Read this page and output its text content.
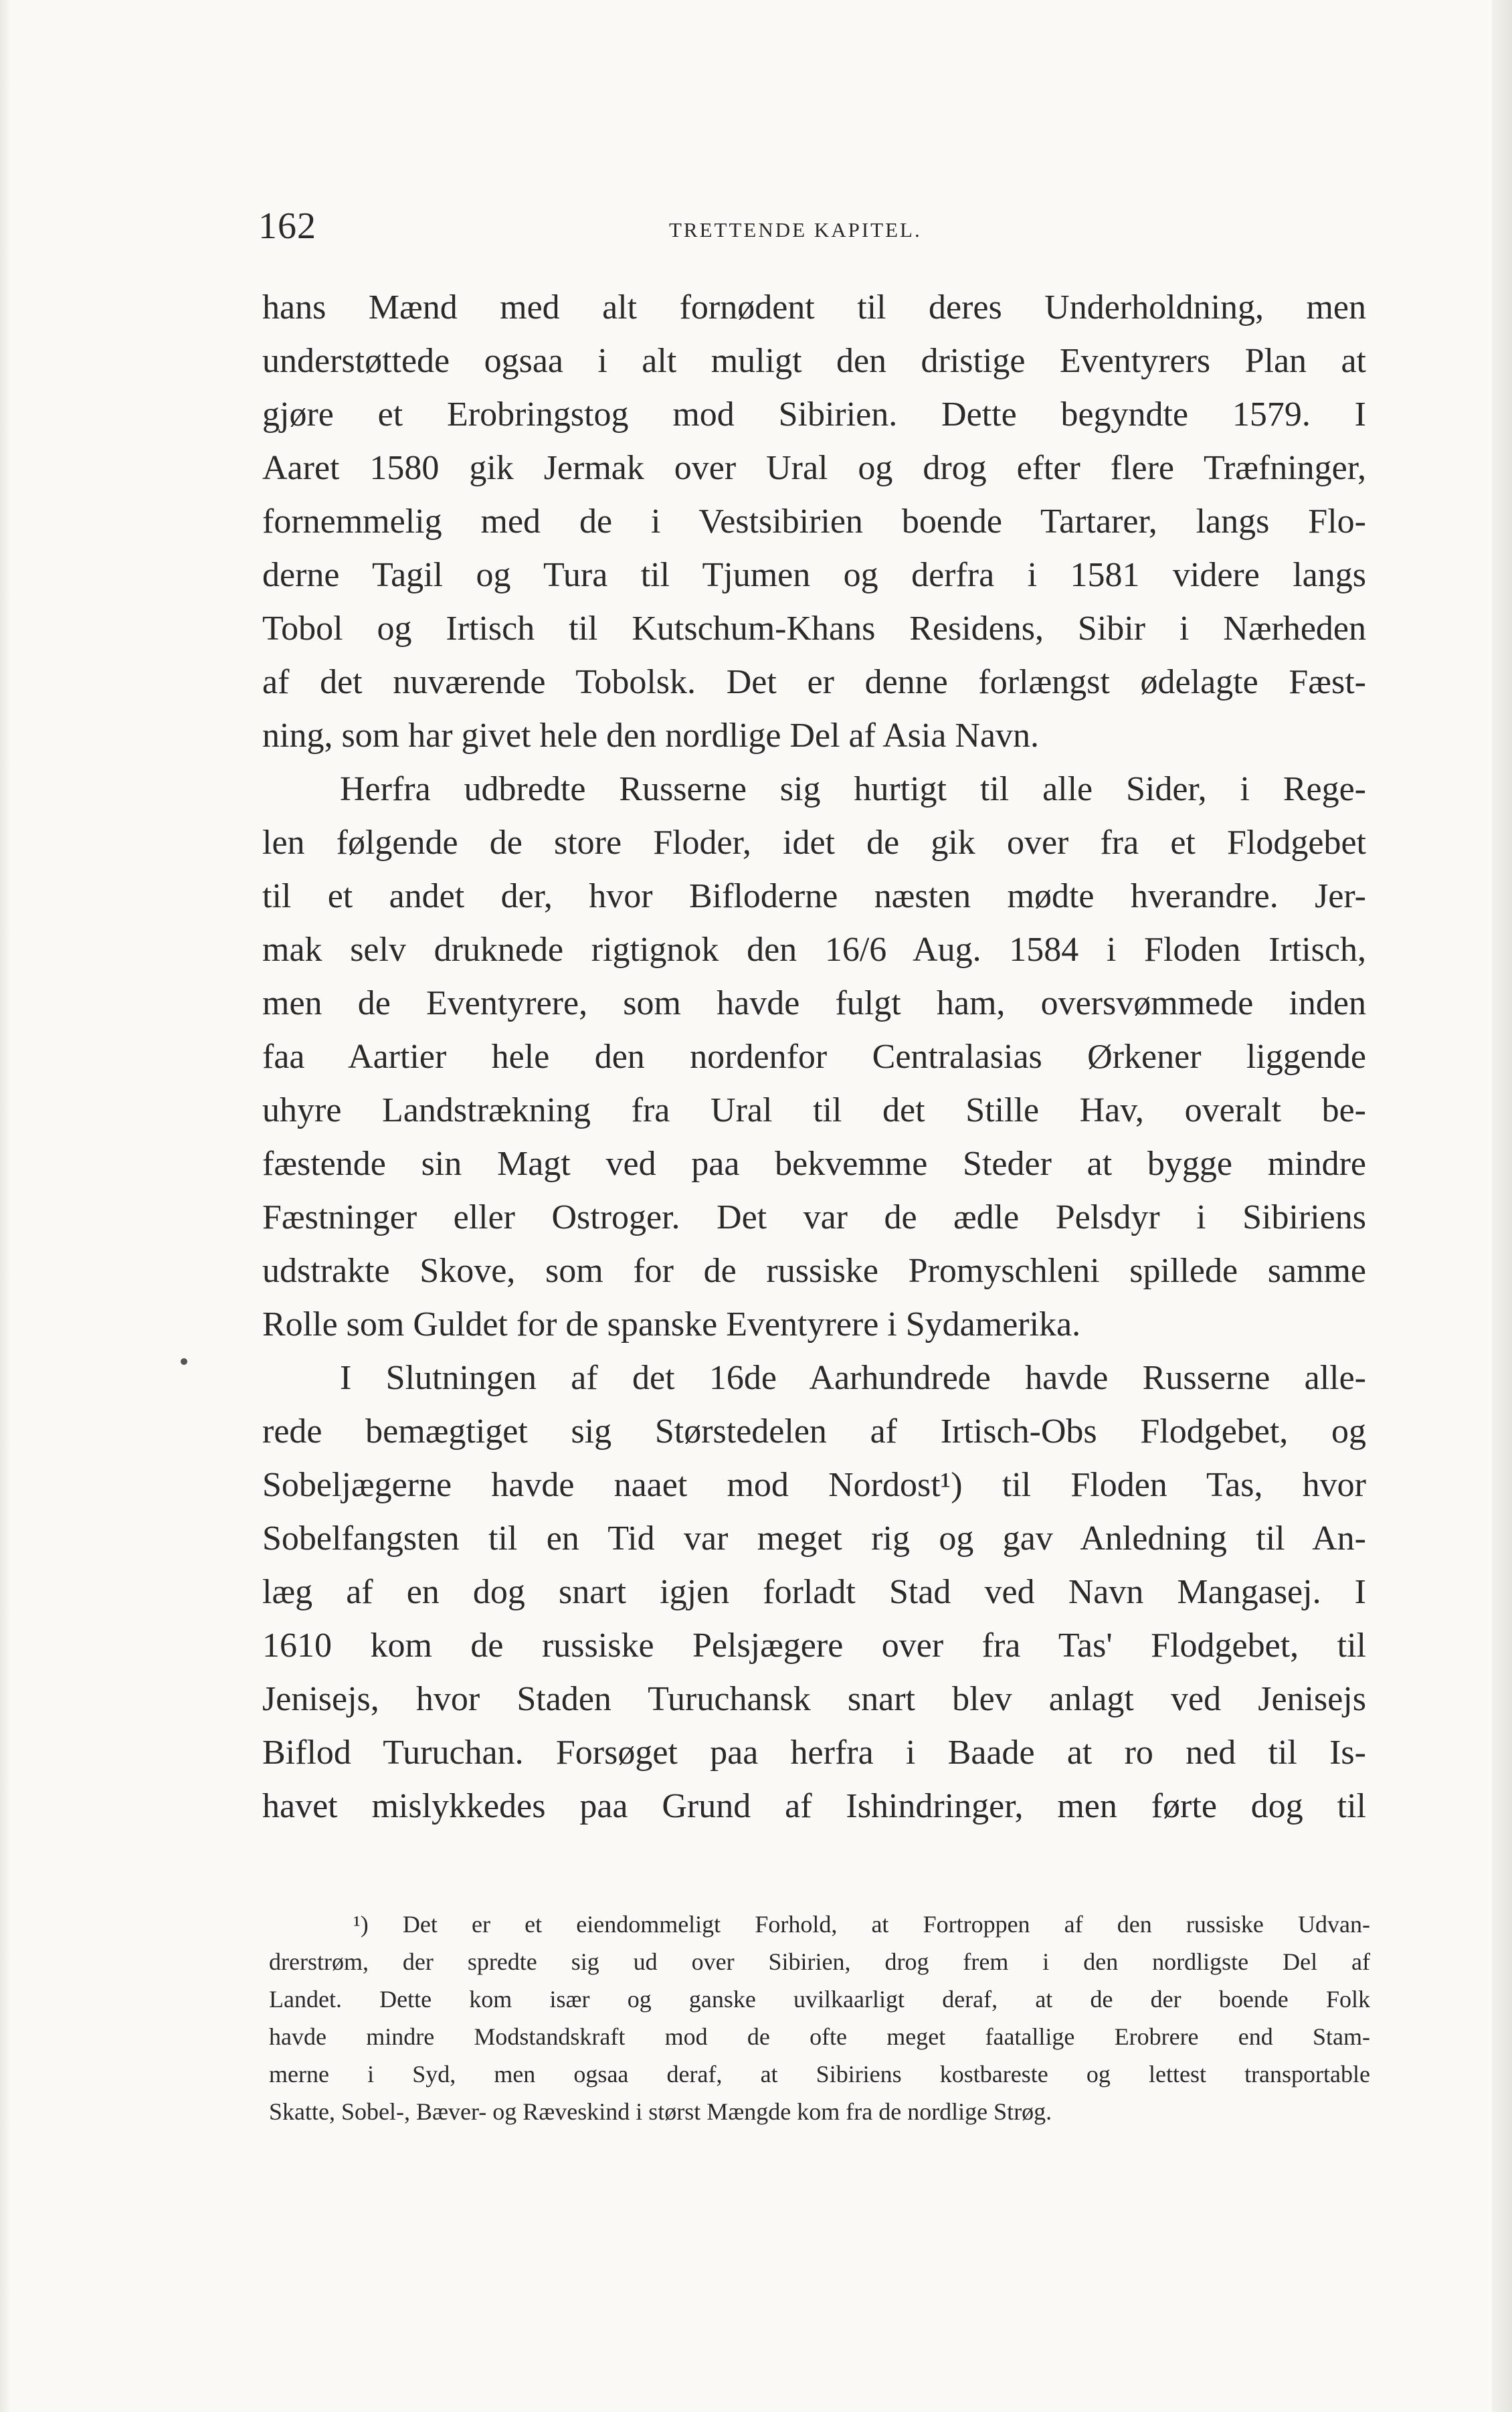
162	TRETTENDE KAPITEL.
hans Mænd med alt fornødent til deres Underholdning, men
understøttede ogsaa i alt muligt den dristige Eventyrers Plan at
gjøre et Erobringstog mod Sibirien. Dette begyndte 1579. I
Aaret 1580 gik Jermak over Ural og drog efter flere Træfninger,
fornemmelig med de i Vestsibirien boende Tartarer, langs Flo-
derne Tagil og Tura til Tjumen og derfra i 1581 videre langs
Tobol og Irtisch til Kutschum-Khans Residens, Sibir i Nærheden
af det nuværende Tobolsk. Det er denne forlængst ødelagte Fæst-
ning, som har givet hele den nordlige Del af Asia Navn.
Herfra udbredte Russerne sig hurtigt til alle Sider, i Rege-
len følgende de store Floder, idet de gik over fra et Flodgebet
til et andet der, hvor Bifloderne næsten mødte hverandre. Jer-
mak selv druknede rigtignok den 16/6 Aug. 1584 i Floden Irtisch,
men de Eventyrere, som havde fulgt ham, oversvømmede inden
faa Aartier hele den nordenfor Centralasias Ørkener liggende
uhyre Landstrækning fra Ural til det Stille Hav, overalt be-
fæstende sin Magt ved paa bekvemme Steder at bygge mindre
Fæstninger eller Ostroger. Det var de ædle Pelsdyr i Sibiriens
udstrakte Skove, som for de russiske Promyschleni spillede samme
Rolle som Guldet for de spanske Eventyrere i Sydamerika.
I Slutningen af det 16de Aarhundrede havde Russerne alle-
rede bemægtiget sig Størstedelen af Irtisch-Obs Flodgebet, og
Sobeljægerne havde naaet mod Nordost¹) til Floden Tas, hvor
Sobelfangsten til en Tid var meget rig og gav Anledning til An-
læg af en dog snart igjen forladt Stad ved Navn Mangasej. I
1610 kom de russiske Pelsjægere over fra Tas' Flodgebet, til
Jenisejs, hvor Staden Turuchansk snart blev anlagt ved Jenisejs
Biflod Turuchan. Forsøget paa herfra i Baade at ro ned til Is-
havet mislykkedes paa Grund af Ishindringer, men førte dog til
¹) Det er et eiendommeligt Forhold, at Fortroppen af den russiske Udvan-
drerstrøm, der spredte sig ud over Sibirien, drog frem i den nordligste Del af
Landet. Dette kom især og ganske uvilkaarligt deraf, at de der boende Folk
havde mindre Modstandskraft mod de ofte meget faatallige Erobrere end Stam-
merne i Syd, men ogsaa deraf, at Sibiriens kostbareste og lettest transportable
Skatte, Sobel-, Bæver- og Ræveskind i størst Mængde kom fra de nordlige Strøg.
